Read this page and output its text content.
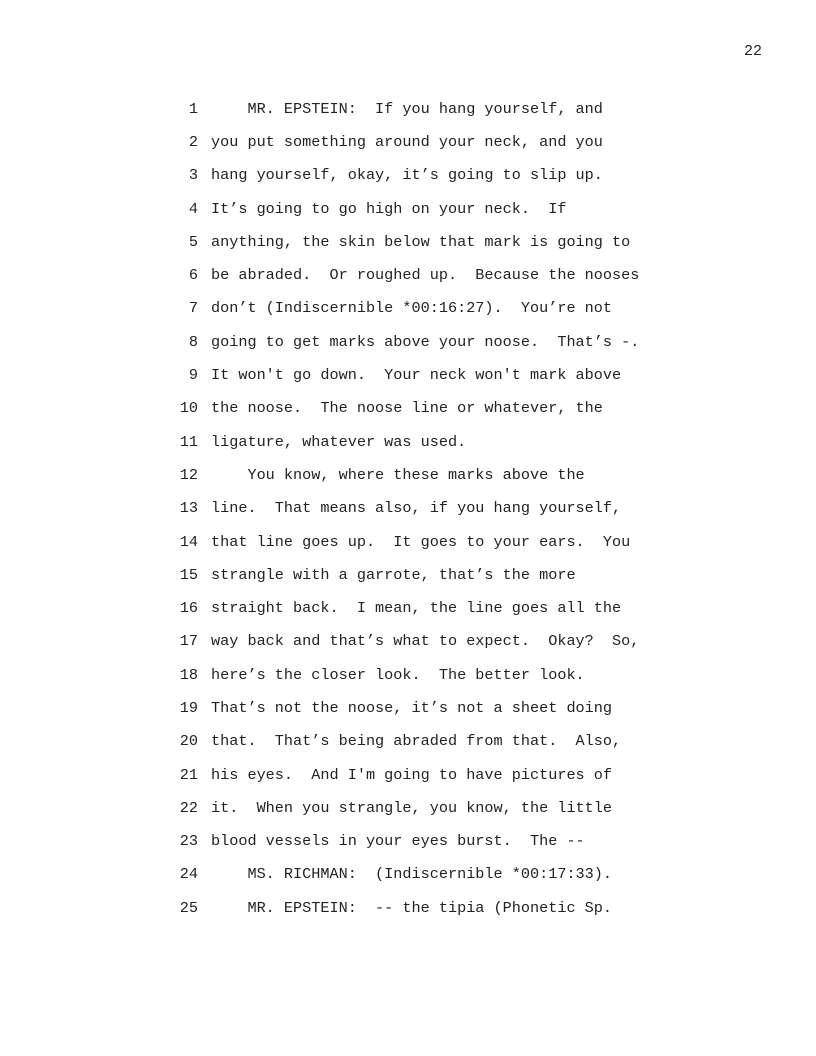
22
1 MR. EPSTEIN:  If you hang yourself, and
2 you put something around your neck, and you
3 hang yourself, okay, it’s going to slip up.
4 It’s going to go high on your neck.  If
5 anything, the skin below that mark is going to
6 be abraded.  Or roughed up.  Because the nooses
7 don’t (Indiscernible *00:16:27).  You’re not
8 going to get marks above your noose.  That’s -.
9 It won't go down.  Your neck won't mark above
10 the noose.  The noose line or whatever, the
11 ligature, whatever was used.
12 You know, where these marks above the
13 line.  That means also, if you hang yourself,
14 that line goes up.  It goes to your ears.  You
15 strangle with a garrote, that’s the more
16 straight back.  I mean, the line goes all the
17 way back and that’s what to expect.  Okay?  So,
18 here’s the closer look.  The better look.
19 That’s not the noose, it’s not a sheet doing
20 that.  That’s being abraded from that.  Also,
21 his eyes.  And I'm going to have pictures of
22 it.  When you strangle, you know, the little
23 blood vessels in your eyes burst.  The --
24 MS. RICHMAN:  (Indiscernible *00:17:33).
25 MR. EPSTEIN:  -- the tipia (Phonetic Sp.
